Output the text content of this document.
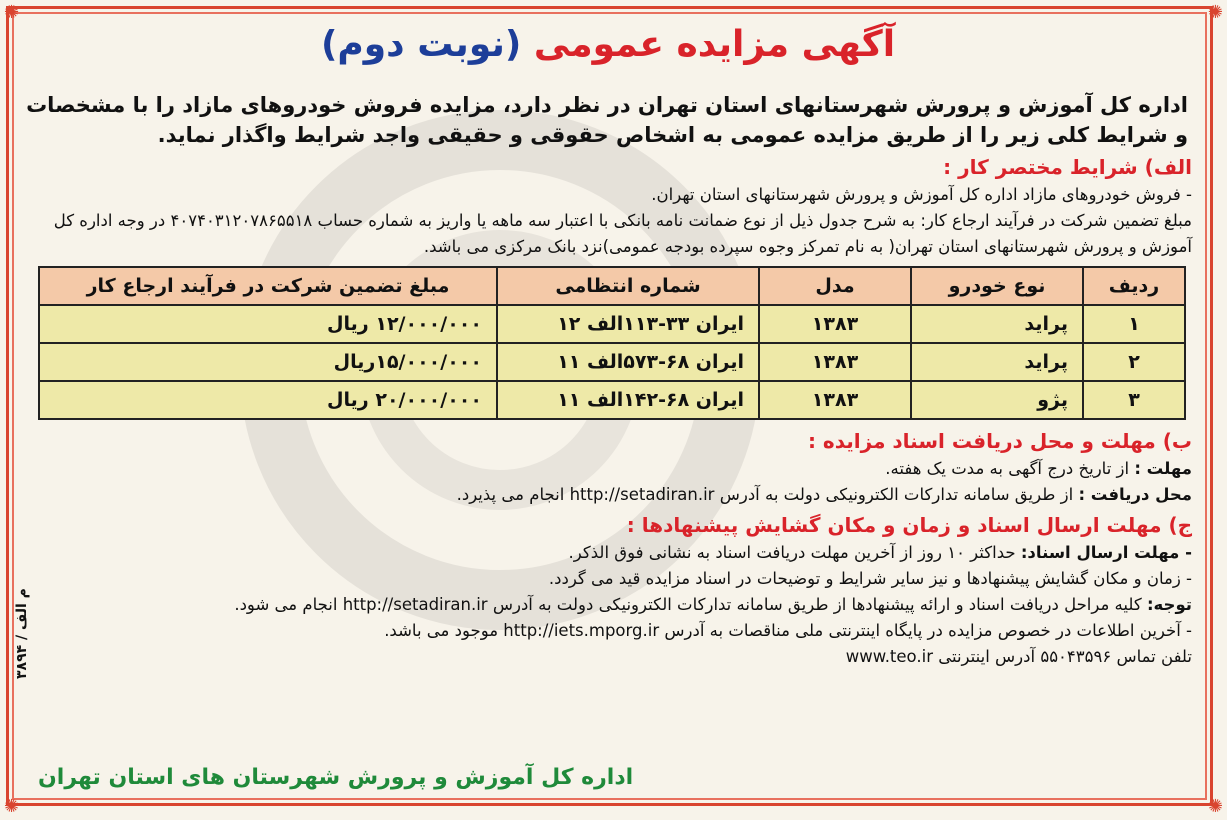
✺	✺
✺	✺
م الف / ۳۸۹۴
آگهی مزایده عمومی (نوبت دوم)
اداره کل آموزش و پرورش شهرستانهای استان تهران در نظر دارد، مزایده فروش خودروهای مازاد را با مشخصات و شرایط کلی زیر را از طریق مزایده عمومی به اشخاص حقوقی و حقیقی واجد شرایط واگذار نماید.
الف) شرایط مختصر کار :
- فروش خودروهای مازاد اداره کل آموزش و پرورش شهرستانهای استان تهران.
مبلغ تضمین شرکت در فرآیند ارجاع کار: به شرح جدول ذیل از نوع ضمانت نامه بانکی با اعتبار سه ماهه یا واریز به شماره حساب ۴۰۷۴۰۳۱۲۰۷۸۶۵۵۱۸ در وجه اداره کل آموزش و پرورش شهرستانهای استان تهران( به نام تمرکز وجوه سپرده بودجه عمومی)نزد بانک مرکزی می باشد.
ردیف	نوع خودرو	مدل	شماره انتظامی	مبلغ تضمین شرکت در فرآیند ارجاع کار
۱	پراید	۱۳۸۳	ایران ۳۳-۱۱۳الف ۱۲	۱۲/۰۰۰/۰۰۰ ریال
۲	پراید	۱۳۸۳	ایران ۶۸-۵۷۳الف ۱۱	۱۵/۰۰۰/۰۰۰ریال
۳	پژو	۱۳۸۳	ایران ۶۸-۱۴۲الف ۱۱	۲۰/۰۰۰/۰۰۰ ریال
ب) مهلت و محل دریافت اسناد مزایده :
مهلت : از تاریخ درج آگهی به مدت یک هفته.
محل دریافت : از طریق سامانه تدارکات الکترونیکی دولت به آدرس http://setadiran.ir انجام می پذیرد.
ج) مهلت ارسال اسناد و زمان و مکان گشایش پیشنهادها :
- مهلت ارسال اسناد: حداکثر ۱۰ روز از آخرین مهلت دریافت اسناد به نشانی فوق الذکر.
- زمان و مکان گشایش پیشنهادها و نیز سایر شرایط و توضیحات در اسناد مزایده قید می گردد.
توجه: کلیه مراحل دریافت اسناد و ارائه پیشنهادها از طریق سامانه تدارکات الکترونیکی دولت به آدرس http://setadiran.ir انجام می شود.
- آخرین اطلاعات در خصوص مزایده در پایگاه اینترنتی ملی مناقصات به آدرس http://iets.mporg.ir موجود می باشد.
تلفن تماس ۵۵۰۴۳۵۹۶ آدرس اینترنتی www.teo.ir
اداره کل آموزش و پرورش شهرستان های استان تهران
